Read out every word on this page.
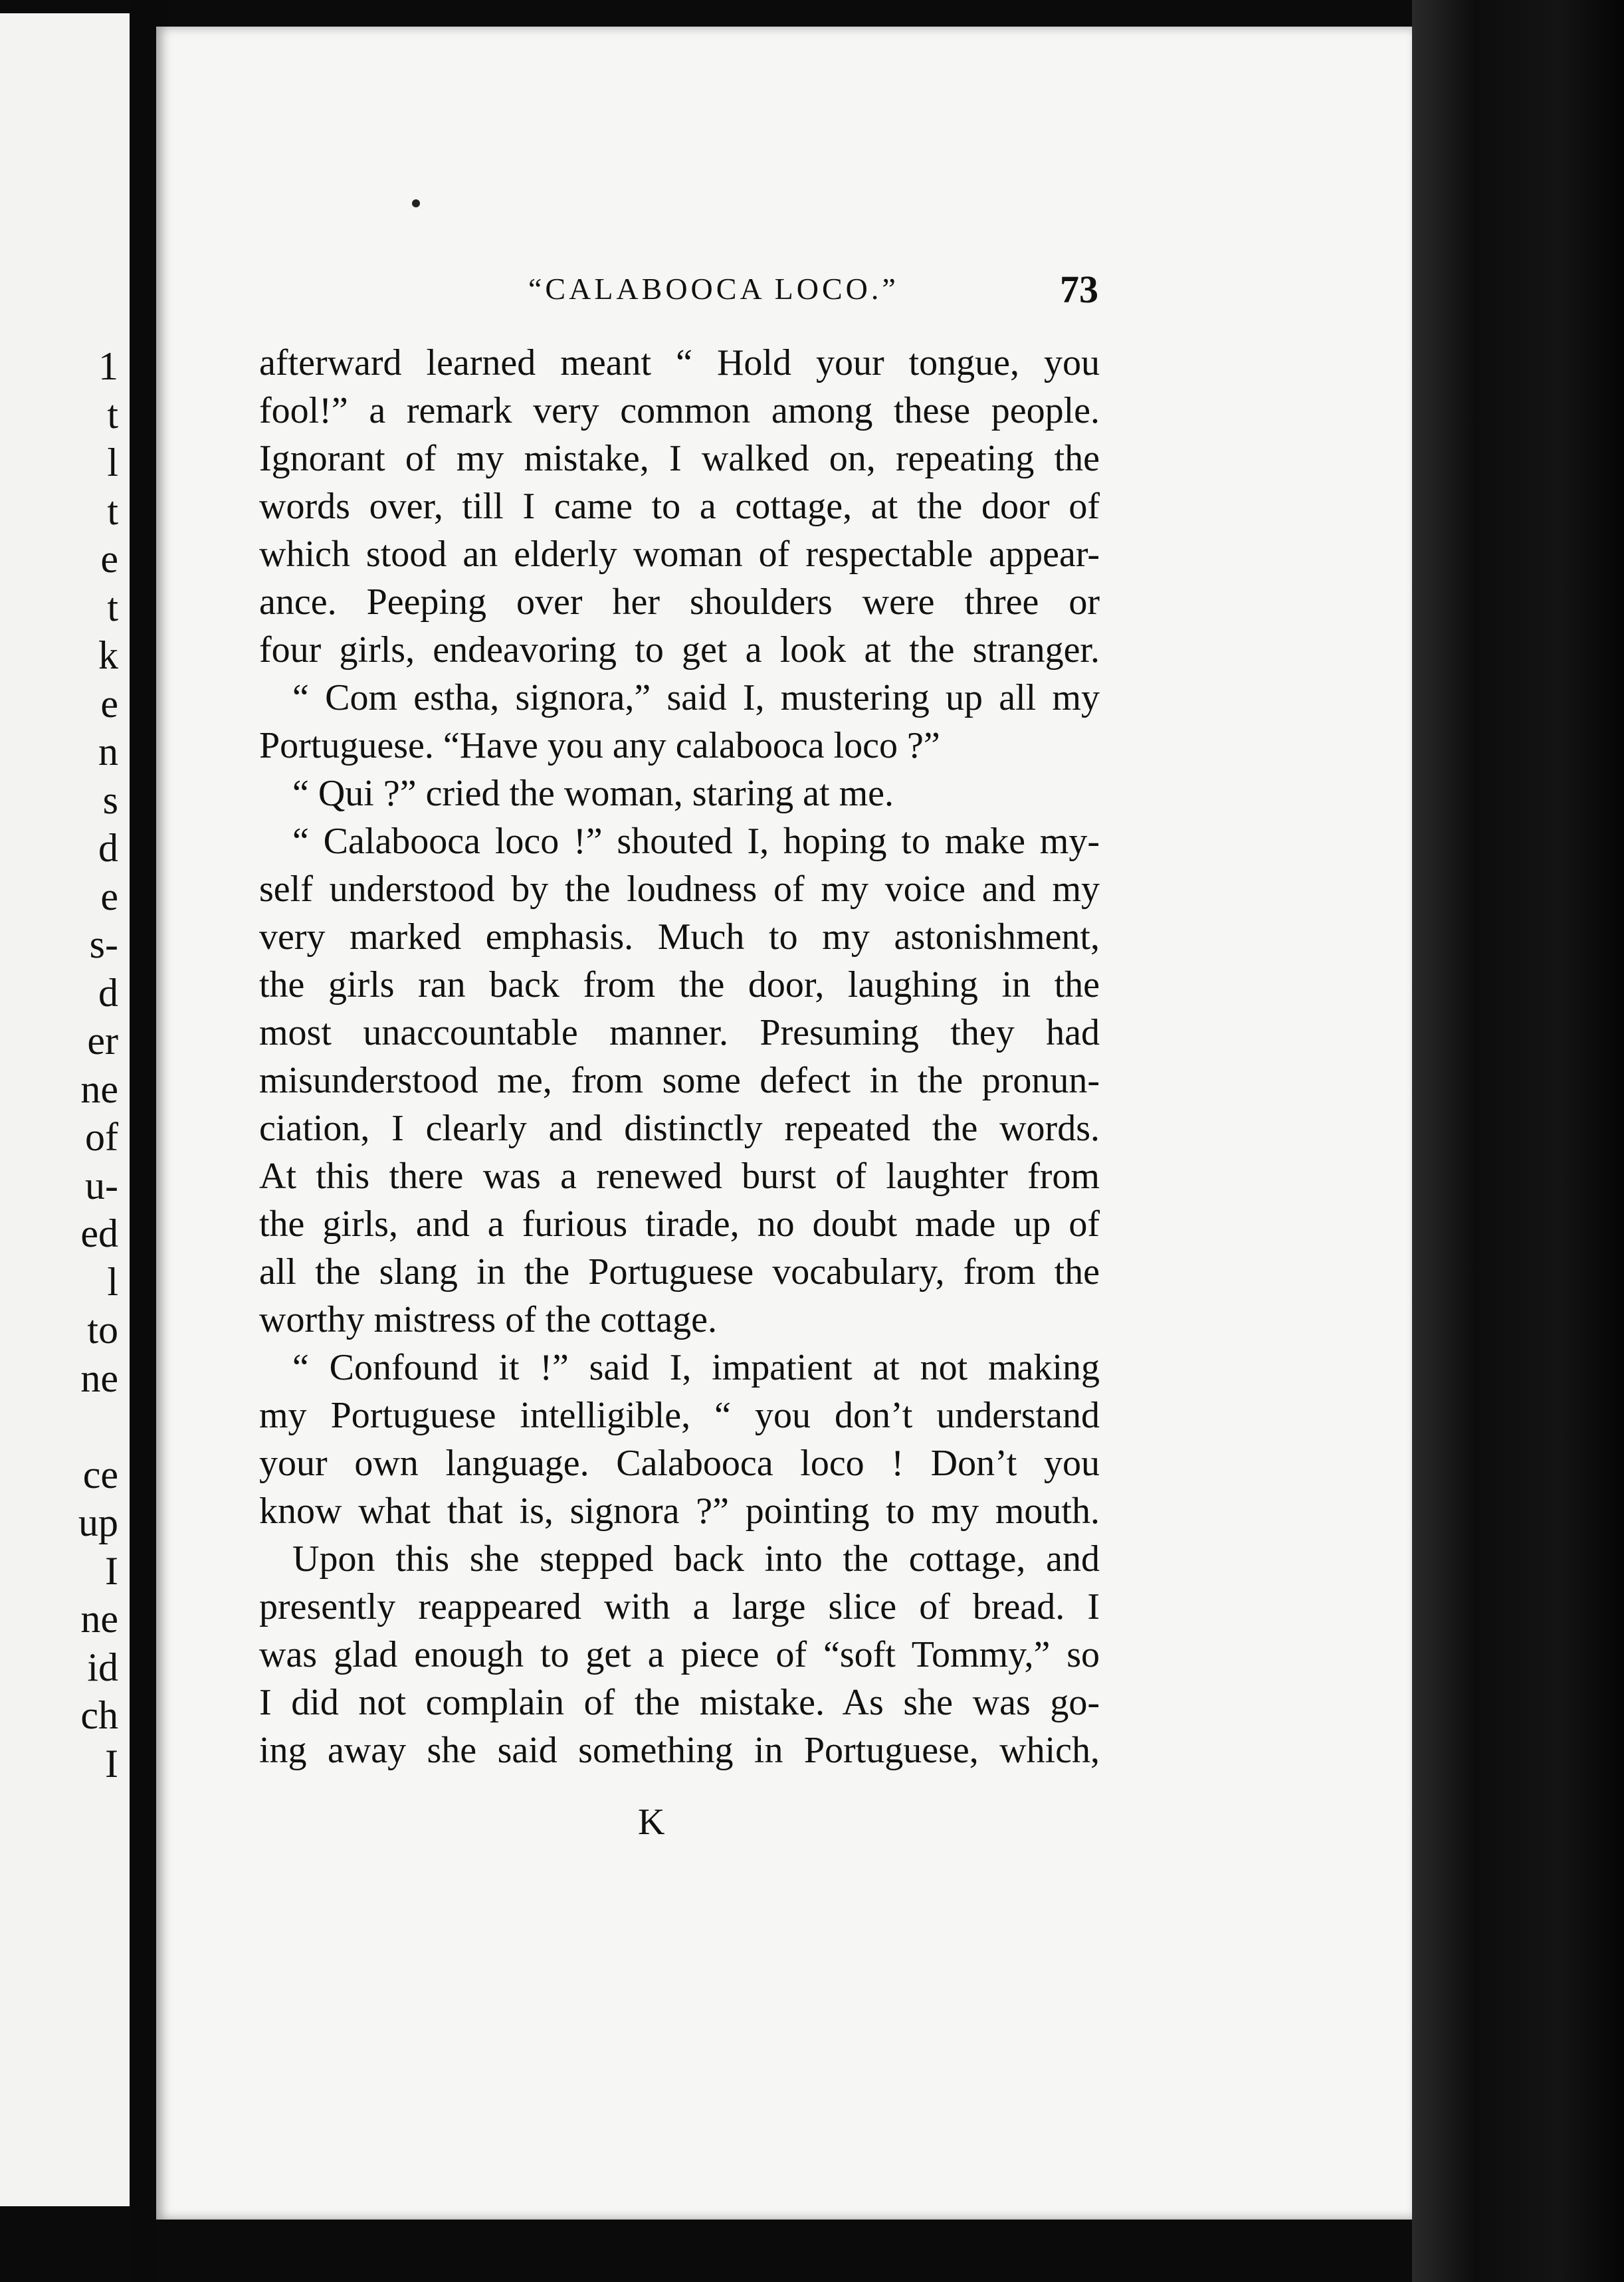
1
t
l
t
e
t
k
e
n
s
d
e
s-
d
er
ne
of
u-
ed
l
to
ne
ce
up
I
ne
id
ch
I
“CALABOOCA LOCO.”	73
afterward learned meant “ Hold your tongue, you
fool!” a remark very common among these people.
Ignorant of my mistake, I walked on, repeating the
words over, till I came to a cottage, at the door of
which stood an elderly woman of respectable appear-
ance. Peeping over her shoulders were three or
four girls, endeavoring to get a look at the stranger.
“ Com estha, signora,” said I, mustering up all my
Portuguese. “Have you any calabooca loco ?”
“ Qui ?” cried the woman, staring at me.
“ Calabooca loco !” shouted I, hoping to make my-
self understood by the loudness of my voice and my
very marked emphasis. Much to my astonishment,
the girls ran back from the door, laughing in the
most unaccountable manner. Presuming they had
misunderstood me, from some defect in the pronun-
ciation, I clearly and distinctly repeated the words.
At this there was a renewed burst of laughter from
the girls, and a furious tirade, no doubt made up of
all the slang in the Portuguese vocabulary, from the
worthy mistress of the cottage.
“ Confound it !” said I, impatient at not making
my Portuguese intelligible, “ you don’t understand
your own language. Calabooca loco ! Don’t you
know what that is, signora ?” pointing to my mouth.
Upon this she stepped back into the cottage, and
presently reappeared with a large slice of bread. I
was glad enough to get a piece of “soft Tommy,” so
I did not complain of the mistake. As she was go-
ing away she said something in Portuguese, which,
K
